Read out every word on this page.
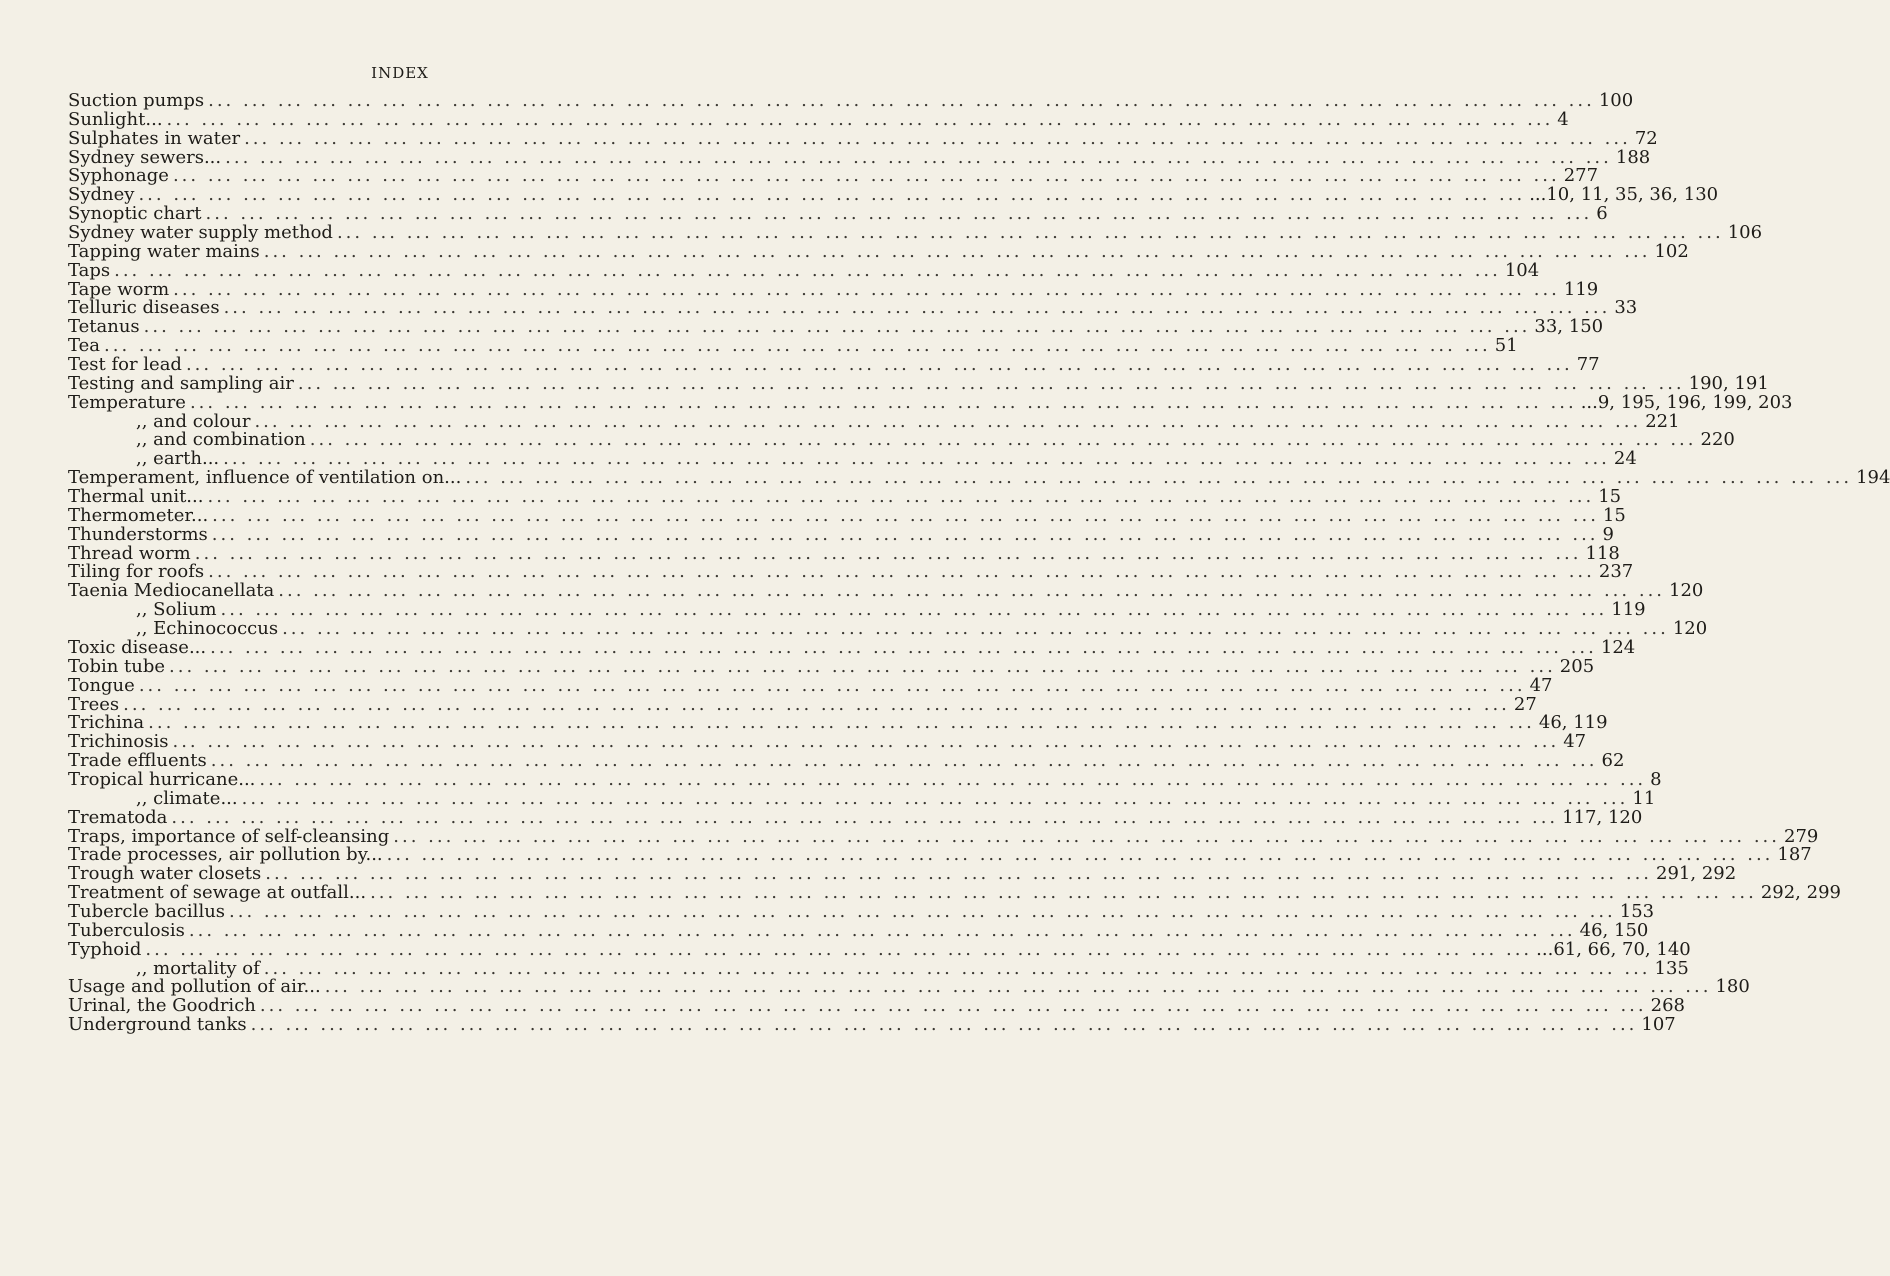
INDEX
Suction pumps ... ... ... ... ... ... ... ... ... ... ... ... ... ... ... ... ... ... ... ... ... ... ... ... ... ... ... ... ... ... ... ... ... ... ... ... ... ... ... ... 100
Sunlight... ... ... ... ... ... ... ... ... ... ... ... ... ... ... ... ... ... ... ... ... ... ... ... ... ... ... ... ... ... ... ... ... ... ... ... ... ... ... ... ... 4
Sulphates in water ... ... ... ... ... ... ... ... ... ... ... ... ... ... ... ... ... ... ... ... ... ... ... ... ... ... ... ... ... ... ... ... ... ... ... ... ... ... ... ... 72
Sydney sewers... ... ... ... ... ... ... ... ... ... ... ... ... ... ... ... ... ... ... ... ... ... ... ... ... ... ... ... ... ... ... ... ... ... ... ... ... ... ... ... ... 188
Syphonage ... ... ... ... ... ... ... ... ... ... ... ... ... ... ... ... ... ... ... ... ... ... ... ... ... ... ... ... ... ... ... ... ... ... ... ... ... ... ... ... 277
Sydney ... ... ... ... ... ... ... ... ... ... ... ... ... ... ... ... ... ... ... ... ... ... ... ... ... ... ... ... ... ... ... ... ... ... ... ... ... ... ... ... ...10, 11, 35, 36, 130
Synoptic chart ... ... ... ... ... ... ... ... ... ... ... ... ... ... ... ... ... ... ... ... ... ... ... ... ... ... ... ... ... ... ... ... ... ... ... ... ... ... ... ... 6
Sydney water supply method ... ... ... ... ... ... ... ... ... ... ... ... ... ... ... ... ... ... ... ... ... ... ... ... ... ... ... ... ... ... ... ... ... ... ... ... ... ... ... ... 106
Tapping water mains ... ... ... ... ... ... ... ... ... ... ... ... ... ... ... ... ... ... ... ... ... ... ... ... ... ... ... ... ... ... ... ... ... ... ... ... ... ... ... ... 102
Taps ... ... ... ... ... ... ... ... ... ... ... ... ... ... ... ... ... ... ... ... ... ... ... ... ... ... ... ... ... ... ... ... ... ... ... ... ... ... ... ... 104
Tape worm ... ... ... ... ... ... ... ... ... ... ... ... ... ... ... ... ... ... ... ... ... ... ... ... ... ... ... ... ... ... ... ... ... ... ... ... ... ... ... ... 119
Telluric diseases ... ... ... ... ... ... ... ... ... ... ... ... ... ... ... ... ... ... ... ... ... ... ... ... ... ... ... ... ... ... ... ... ... ... ... ... ... ... ... ... 33
Tetanus ... ... ... ... ... ... ... ... ... ... ... ... ... ... ... ... ... ... ... ... ... ... ... ... ... ... ... ... ... ... ... ... ... ... ... ... ... ... ... ... 33, 150
Tea ... ... ... ... ... ... ... ... ... ... ... ... ... ... ... ... ... ... ... ... ... ... ... ... ... ... ... ... ... ... ... ... ... ... ... ... ... ... ... ... 51
Test for lead ... ... ... ... ... ... ... ... ... ... ... ... ... ... ... ... ... ... ... ... ... ... ... ... ... ... ... ... ... ... ... ... ... ... ... ... ... ... ... ... 77
Testing and sampling air ... ... ... ... ... ... ... ... ... ... ... ... ... ... ... ... ... ... ... ... ... ... ... ... ... ... ... ... ... ... ... ... ... ... ... ... ... ... ... ... 190, 191
Temperature ... ... ... ... ... ... ... ... ... ... ... ... ... ... ... ... ... ... ... ... ... ... ... ... ... ... ... ... ... ... ... ... ... ... ... ... ... ... ... ... ...9, 195, 196, 199, 203
,, and colour ... ... ... ... ... ... ... ... ... ... ... ... ... ... ... ... ... ... ... ... ... ... ... ... ... ... ... ... ... ... ... ... ... ... ... ... ... ... ... ... 221
,, and combination ... ... ... ... ... ... ... ... ... ... ... ... ... ... ... ... ... ... ... ... ... ... ... ... ... ... ... ... ... ... ... ... ... ... ... ... ... ... ... ... 220
,, earth... ... ... ... ... ... ... ... ... ... ... ... ... ... ... ... ... ... ... ... ... ... ... ... ... ... ... ... ... ... ... ... ... ... ... ... ... ... ... ... ... 24
Temperament, influence of ventilation on... ... ... ... ... ... ... ... ... ... ... ... ... ... ... ... ... ... ... ... ... ... ... ... ... ... ... ... ... ... ... ... ... ... ... ... ... ... ... ... ... 194
Thermal unit... ... ... ... ... ... ... ... ... ... ... ... ... ... ... ... ... ... ... ... ... ... ... ... ... ... ... ... ... ... ... ... ... ... ... ... ... ... ... ... ... 15
Thermometer... ... ... ... ... ... ... ... ... ... ... ... ... ... ... ... ... ... ... ... ... ... ... ... ... ... ... ... ... ... ... ... ... ... ... ... ... ... ... ... ... 15
Thunderstorms ... ... ... ... ... ... ... ... ... ... ... ... ... ... ... ... ... ... ... ... ... ... ... ... ... ... ... ... ... ... ... ... ... ... ... ... ... ... ... ... 9
Thread worm ... ... ... ... ... ... ... ... ... ... ... ... ... ... ... ... ... ... ... ... ... ... ... ... ... ... ... ... ... ... ... ... ... ... ... ... ... ... ... ... 118
Tiling for roofs ... ... ... ... ... ... ... ... ... ... ... ... ... ... ... ... ... ... ... ... ... ... ... ... ... ... ... ... ... ... ... ... ... ... ... ... ... ... ... ... 237
Taenia Mediocanellata ... ... ... ... ... ... ... ... ... ... ... ... ... ... ... ... ... ... ... ... ... ... ... ... ... ... ... ... ... ... ... ... ... ... ... ... ... ... ... ... 120
,, Solium ... ... ... ... ... ... ... ... ... ... ... ... ... ... ... ... ... ... ... ... ... ... ... ... ... ... ... ... ... ... ... ... ... ... ... ... ... ... ... ... 119
,, Echinococcus ... ... ... ... ... ... ... ... ... ... ... ... ... ... ... ... ... ... ... ... ... ... ... ... ... ... ... ... ... ... ... ... ... ... ... ... ... ... ... ... 120
Toxic disease... ... ... ... ... ... ... ... ... ... ... ... ... ... ... ... ... ... ... ... ... ... ... ... ... ... ... ... ... ... ... ... ... ... ... ... ... ... ... ... ... 124
Tobin tube ... ... ... ... ... ... ... ... ... ... ... ... ... ... ... ... ... ... ... ... ... ... ... ... ... ... ... ... ... ... ... ... ... ... ... ... ... ... ... ... 205
Tongue ... ... ... ... ... ... ... ... ... ... ... ... ... ... ... ... ... ... ... ... ... ... ... ... ... ... ... ... ... ... ... ... ... ... ... ... ... ... ... ... 47
Trees ... ... ... ... ... ... ... ... ... ... ... ... ... ... ... ... ... ... ... ... ... ... ... ... ... ... ... ... ... ... ... ... ... ... ... ... ... ... ... ... 27
Trichina ... ... ... ... ... ... ... ... ... ... ... ... ... ... ... ... ... ... ... ... ... ... ... ... ... ... ... ... ... ... ... ... ... ... ... ... ... ... ... ... 46, 119
Trichinosis ... ... ... ... ... ... ... ... ... ... ... ... ... ... ... ... ... ... ... ... ... ... ... ... ... ... ... ... ... ... ... ... ... ... ... ... ... ... ... ... 47
Trade effluents ... ... ... ... ... ... ... ... ... ... ... ... ... ... ... ... ... ... ... ... ... ... ... ... ... ... ... ... ... ... ... ... ... ... ... ... ... ... ... ... 62
Tropical hurricane... ... ... ... ... ... ... ... ... ... ... ... ... ... ... ... ... ... ... ... ... ... ... ... ... ... ... ... ... ... ... ... ... ... ... ... ... ... ... ... ... 8
,, climate... ... ... ... ... ... ... ... ... ... ... ... ... ... ... ... ... ... ... ... ... ... ... ... ... ... ... ... ... ... ... ... ... ... ... ... ... ... ... ... ... 11
Trematoda ... ... ... ... ... ... ... ... ... ... ... ... ... ... ... ... ... ... ... ... ... ... ... ... ... ... ... ... ... ... ... ... ... ... ... ... ... ... ... ... 117, 120
Traps, importance of self-cleansing ... ... ... ... ... ... ... ... ... ... ... ... ... ... ... ... ... ... ... ... ... ... ... ... ... ... ... ... ... ... ... ... ... ... ... ... ... ... ... ... 279
Trade processes, air pollution by... ... ... ... ... ... ... ... ... ... ... ... ... ... ... ... ... ... ... ... ... ... ... ... ... ... ... ... ... ... ... ... ... ... ... ... ... ... ... ... ... 187
Trough water closets ... ... ... ... ... ... ... ... ... ... ... ... ... ... ... ... ... ... ... ... ... ... ... ... ... ... ... ... ... ... ... ... ... ... ... ... ... ... ... ... 291, 292
Treatment of sewage at outfall... ... ... ... ... ... ... ... ... ... ... ... ... ... ... ... ... ... ... ... ... ... ... ... ... ... ... ... ... ... ... ... ... ... ... ... ... ... ... ... ... 292, 299
Tubercle bacillus ... ... ... ... ... ... ... ... ... ... ... ... ... ... ... ... ... ... ... ... ... ... ... ... ... ... ... ... ... ... ... ... ... ... ... ... ... ... ... ... 153
Tuberculosis ... ... ... ... ... ... ... ... ... ... ... ... ... ... ... ... ... ... ... ... ... ... ... ... ... ... ... ... ... ... ... ... ... ... ... ... ... ... ... ... 46, 150
Typhoid ... ... ... ... ... ... ... ... ... ... ... ... ... ... ... ... ... ... ... ... ... ... ... ... ... ... ... ... ... ... ... ... ... ... ... ... ... ... ... ... ...61, 66, 70, 140
,, mortality of ... ... ... ... ... ... ... ... ... ... ... ... ... ... ... ... ... ... ... ... ... ... ... ... ... ... ... ... ... ... ... ... ... ... ... ... ... ... ... ... 135
Usage and pollution of air... ... ... ... ... ... ... ... ... ... ... ... ... ... ... ... ... ... ... ... ... ... ... ... ... ... ... ... ... ... ... ... ... ... ... ... ... ... ... ... ... 180
Urinal, the Goodrich ... ... ... ... ... ... ... ... ... ... ... ... ... ... ... ... ... ... ... ... ... ... ... ... ... ... ... ... ... ... ... ... ... ... ... ... ... ... ... ... 268
Underground tanks ... ... ... ... ... ... ... ... ... ... ... ... ... ... ... ... ... ... ... ... ... ... ... ... ... ... ... ... ... ... ... ... ... ... ... ... ... ... ... ... 107
